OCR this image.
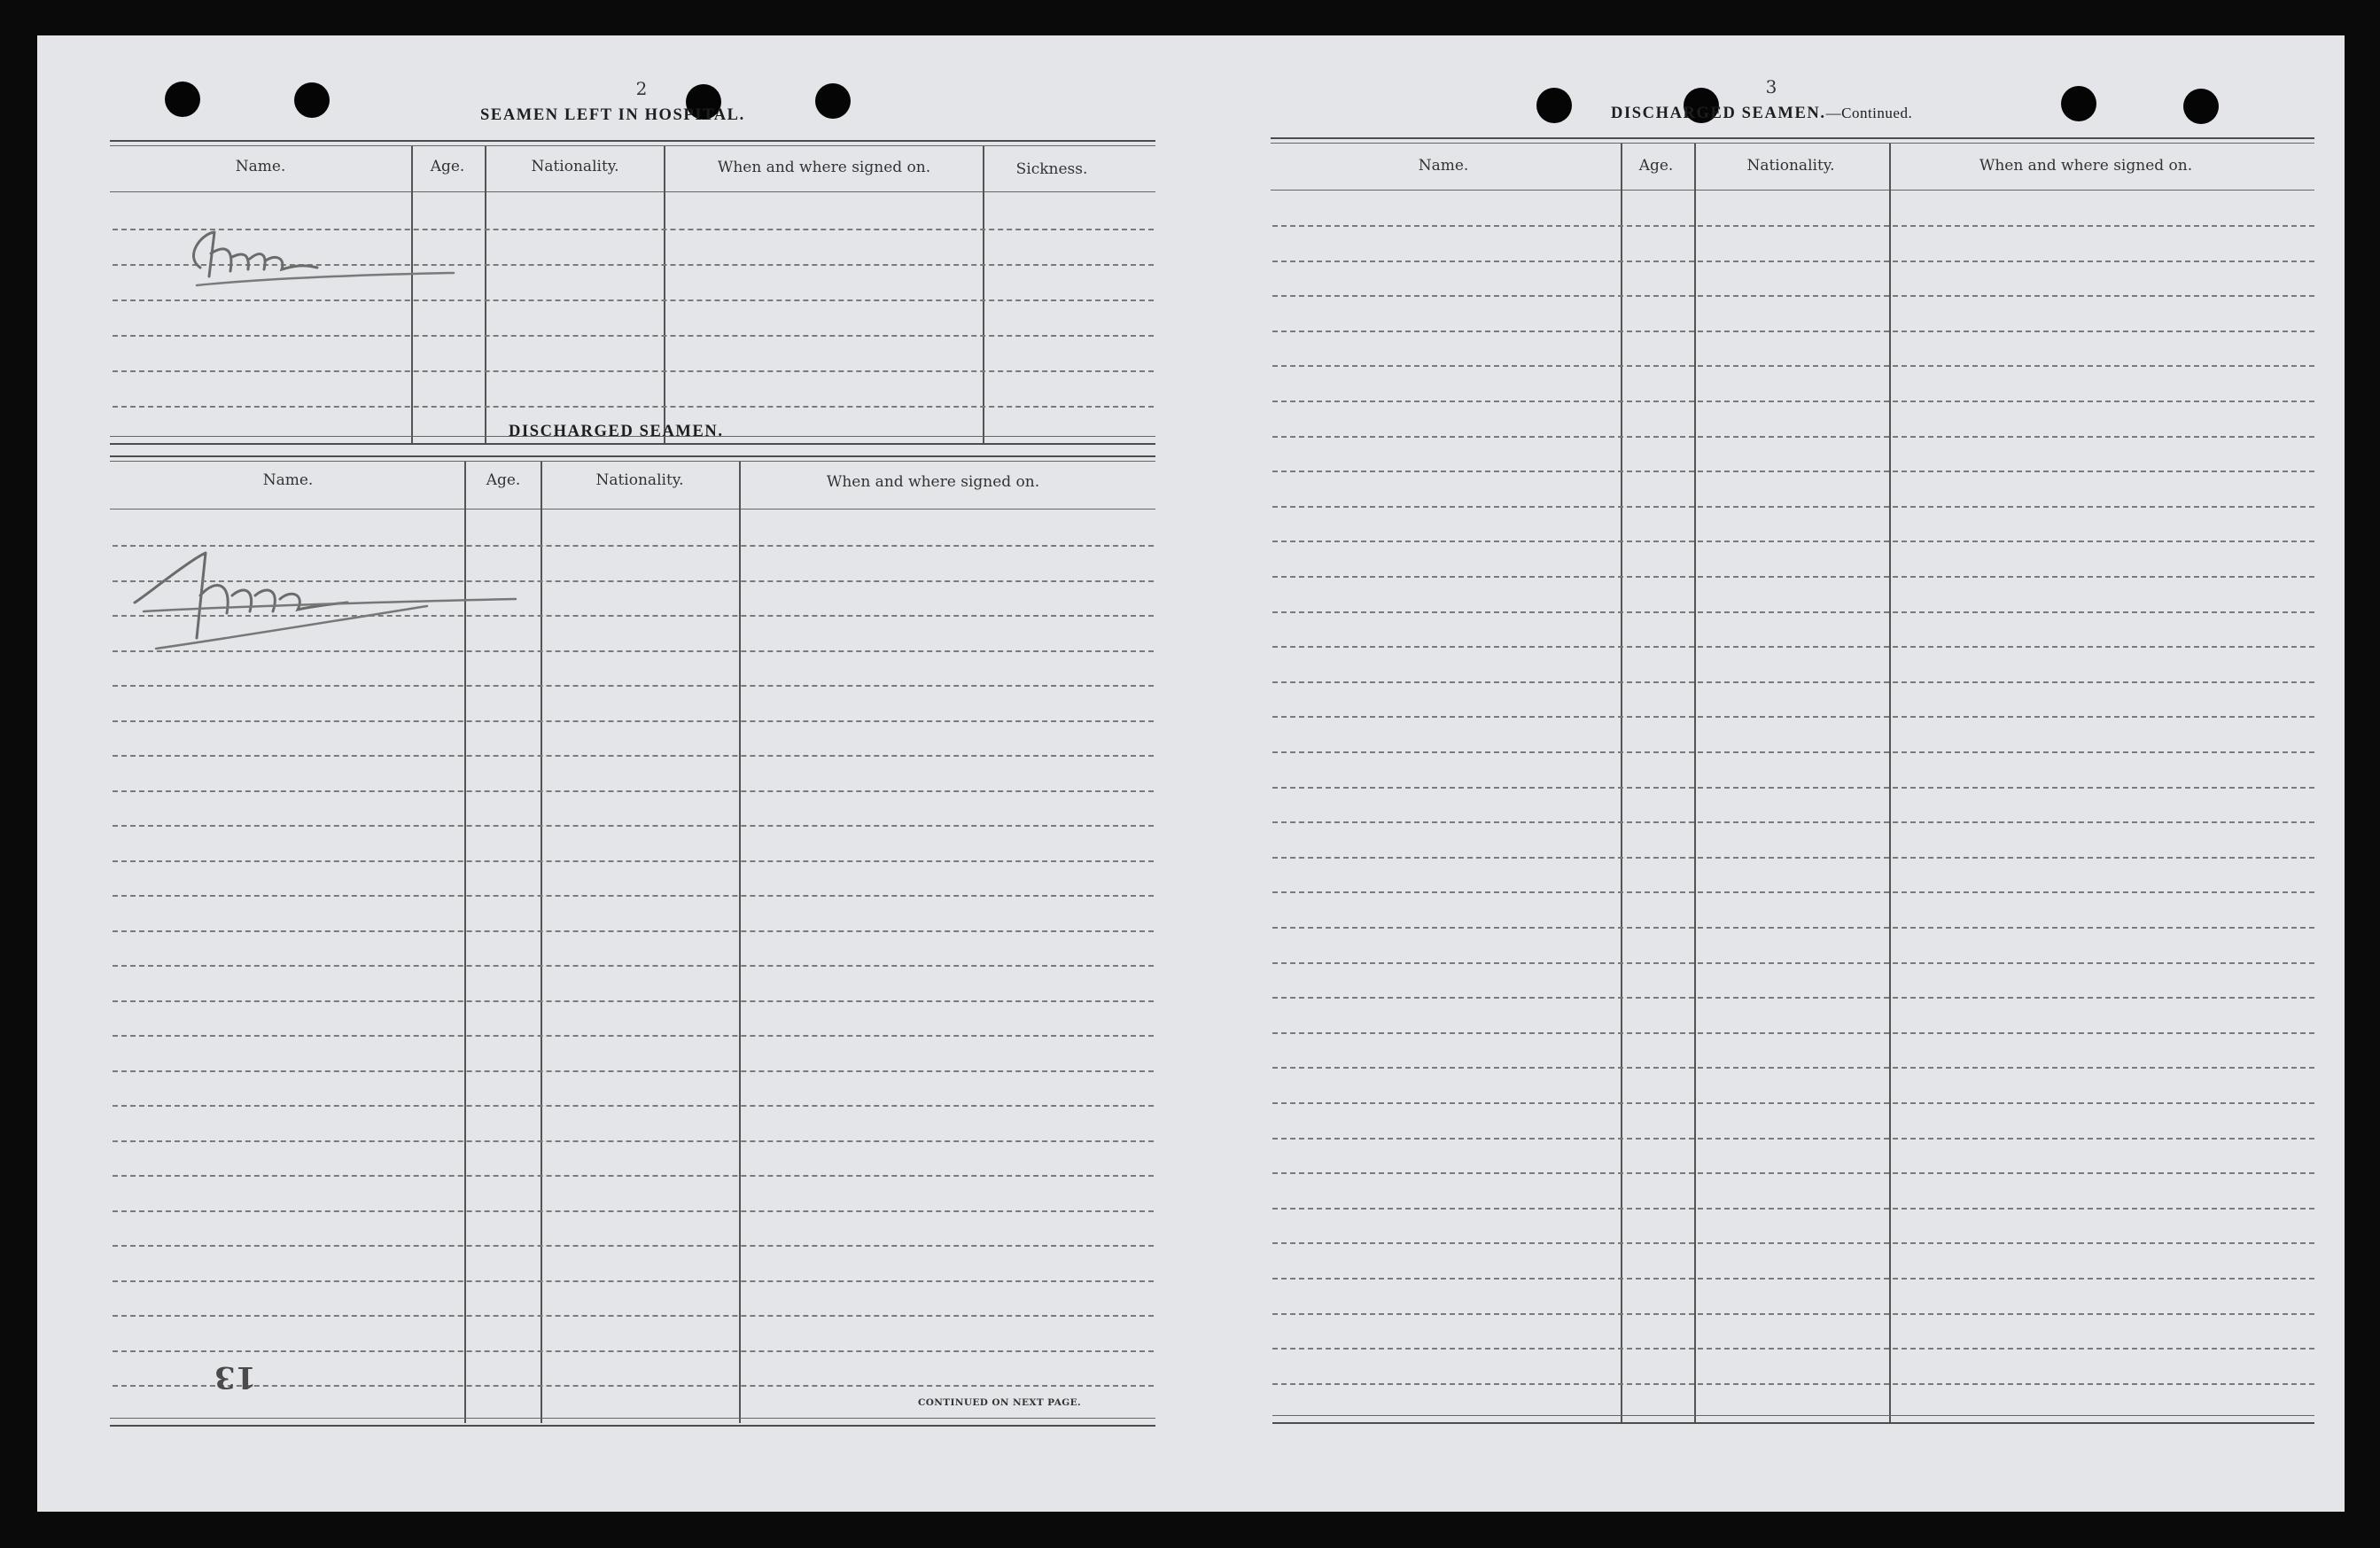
2
SEAMEN LEFT IN HOSPITAL.
Name.	Age.	Nationality.	When and where signed on.	Sickness.
DISCHARGED SEAMEN.
Name.	Age.	Nationality.	When and where signed on.
13
CONTINUED ON NEXT PAGE.
3
DISCHARGED SEAMEN.—Continued.
Name.	Age.	Nationality.	When and where signed on.
